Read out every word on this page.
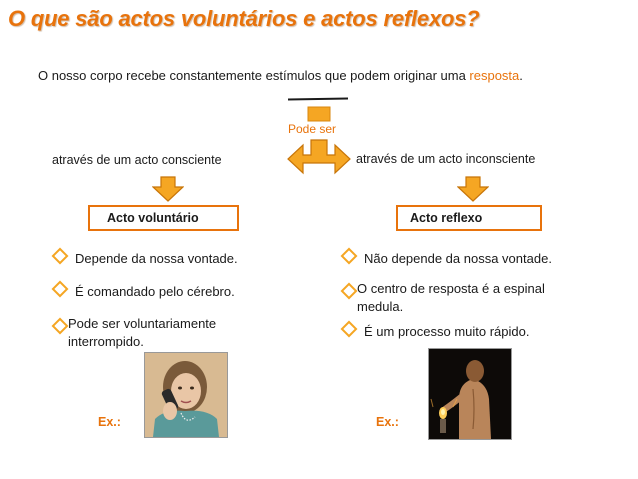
O que são actos voluntários e actos reflexos?
O nosso corpo recebe constantemente estímulos que podem originar uma resposta.
Pode ser
através de um acto consciente	através de um acto inconsciente
Acto voluntário	Acto reflexo
Depende da nossa vontade.
É comandado pelo cérebro.
Pode ser voluntariamente interrompido.
Não depende da nossa vontade.
O centro de resposta é a espinal medula.
É um processo muito rápido.
Ex.:	Ex.:
